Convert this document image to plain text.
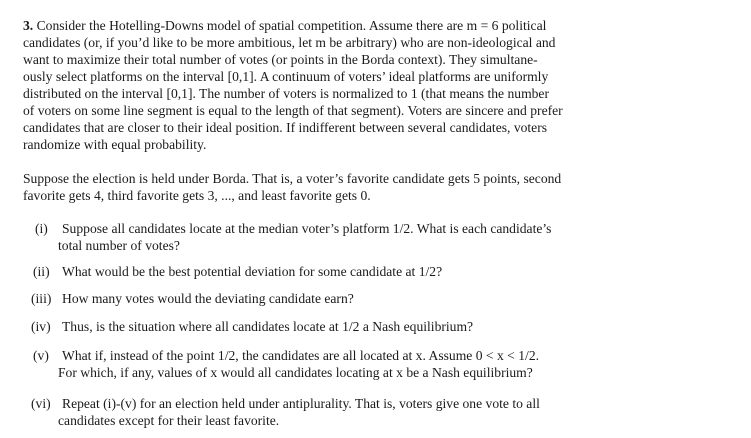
3. Consider the Hotelling-Downs model of spatial competition. Assume there are m = 6 political
candidates (or, if you’d like to be more ambitious, let m be arbitrary) who are non-ideological and
want to maximize their total number of votes (or points in the Borda context). They simultane-
ously select platforms on the interval [0,1]. A continuum of voters’ ideal platforms are uniformly
distributed on the interval [0,1]. The number of voters is normalized to 1 (that means the number
of voters on some line segment is equal to the length of that segment). Voters are sincere and prefer
candidates that are closer to their ideal position. If indifferent between several candidates, voters
randomize with equal probability.
Suppose the election is held under Borda. That is, a voter’s favorite candidate gets 5 points, second
favorite gets 4, third favorite gets 3, ..., and least favorite gets 0.
(i) Suppose all candidates locate at the median voter’s platform 1/2. What is each candidate’s
total number of votes?
(ii) What would be the best potential deviation for some candidate at 1/2?
(iii) How many votes would the deviating candidate earn?
(iv) Thus, is the situation where all candidates locate at 1/2 a Nash equilibrium?
(v) What if, instead of the point 1/2, the candidates are all located at x. Assume 0 < x < 1/2.
For which, if any, values of x would all candidates locating at x be a Nash equilibrium?
(vi) Repeat (i)-(v) for an election held under antiplurality. That is, voters give one vote to all
candidates except for their least favorite.
